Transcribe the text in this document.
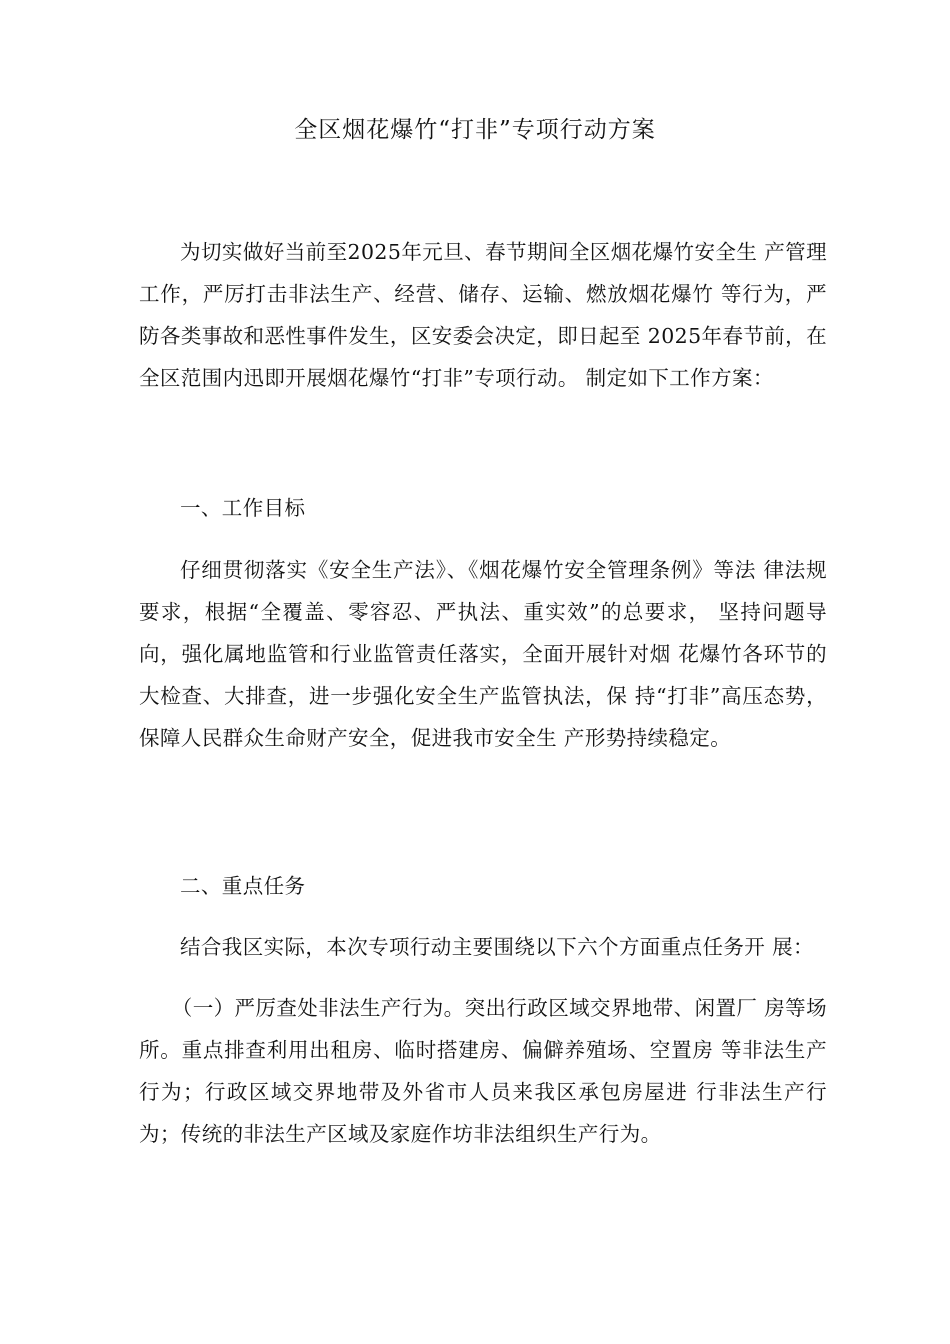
全区烟花爆竹“打非”专项行动方案
为切实做好当前至2025年元旦、春节期间全区烟花爆竹安全生 产管理工作，严厉打击非法生产、经营、储存、运输、燃放烟花爆竹 等行为，严防各类事故和恶性事件发生，区安委会决定，即日起至 2025年春节前，在全区范围内迅即开展烟花爆竹“打非”专项行动。 制定如下工作方案：
一、工作目标
仔细贯彻落实《安全生产法》、《烟花爆竹安全管理条例》等法 律法规要求，根据“全覆盖、零容忍、严执法、重实效”的总要求， 坚持问题导向，强化属地监管和行业监管责任落实，全面开展针对烟 花爆竹各环节的大检查、大排查，进一步强化安全生产监管执法，保 持“打非”高压态势，保障人民群众生命财产安全，促进我市安全生 产形势持续稳定。
二、重点任务
结合我区实际，本次专项行动主要围绕以下六个方面重点任务开 展：
（一）严厉查处非法生产行为。突出行政区域交界地带、闲置厂 房等场所。重点排查利用出租房、临时搭建房、偏僻养殖场、空置房 等非法生产行为；行政区域交界地带及外省市人员来我区承包房屋进 行非法生产行为；传统的非法生产区域及家庭作坊非法组织生产行为。
